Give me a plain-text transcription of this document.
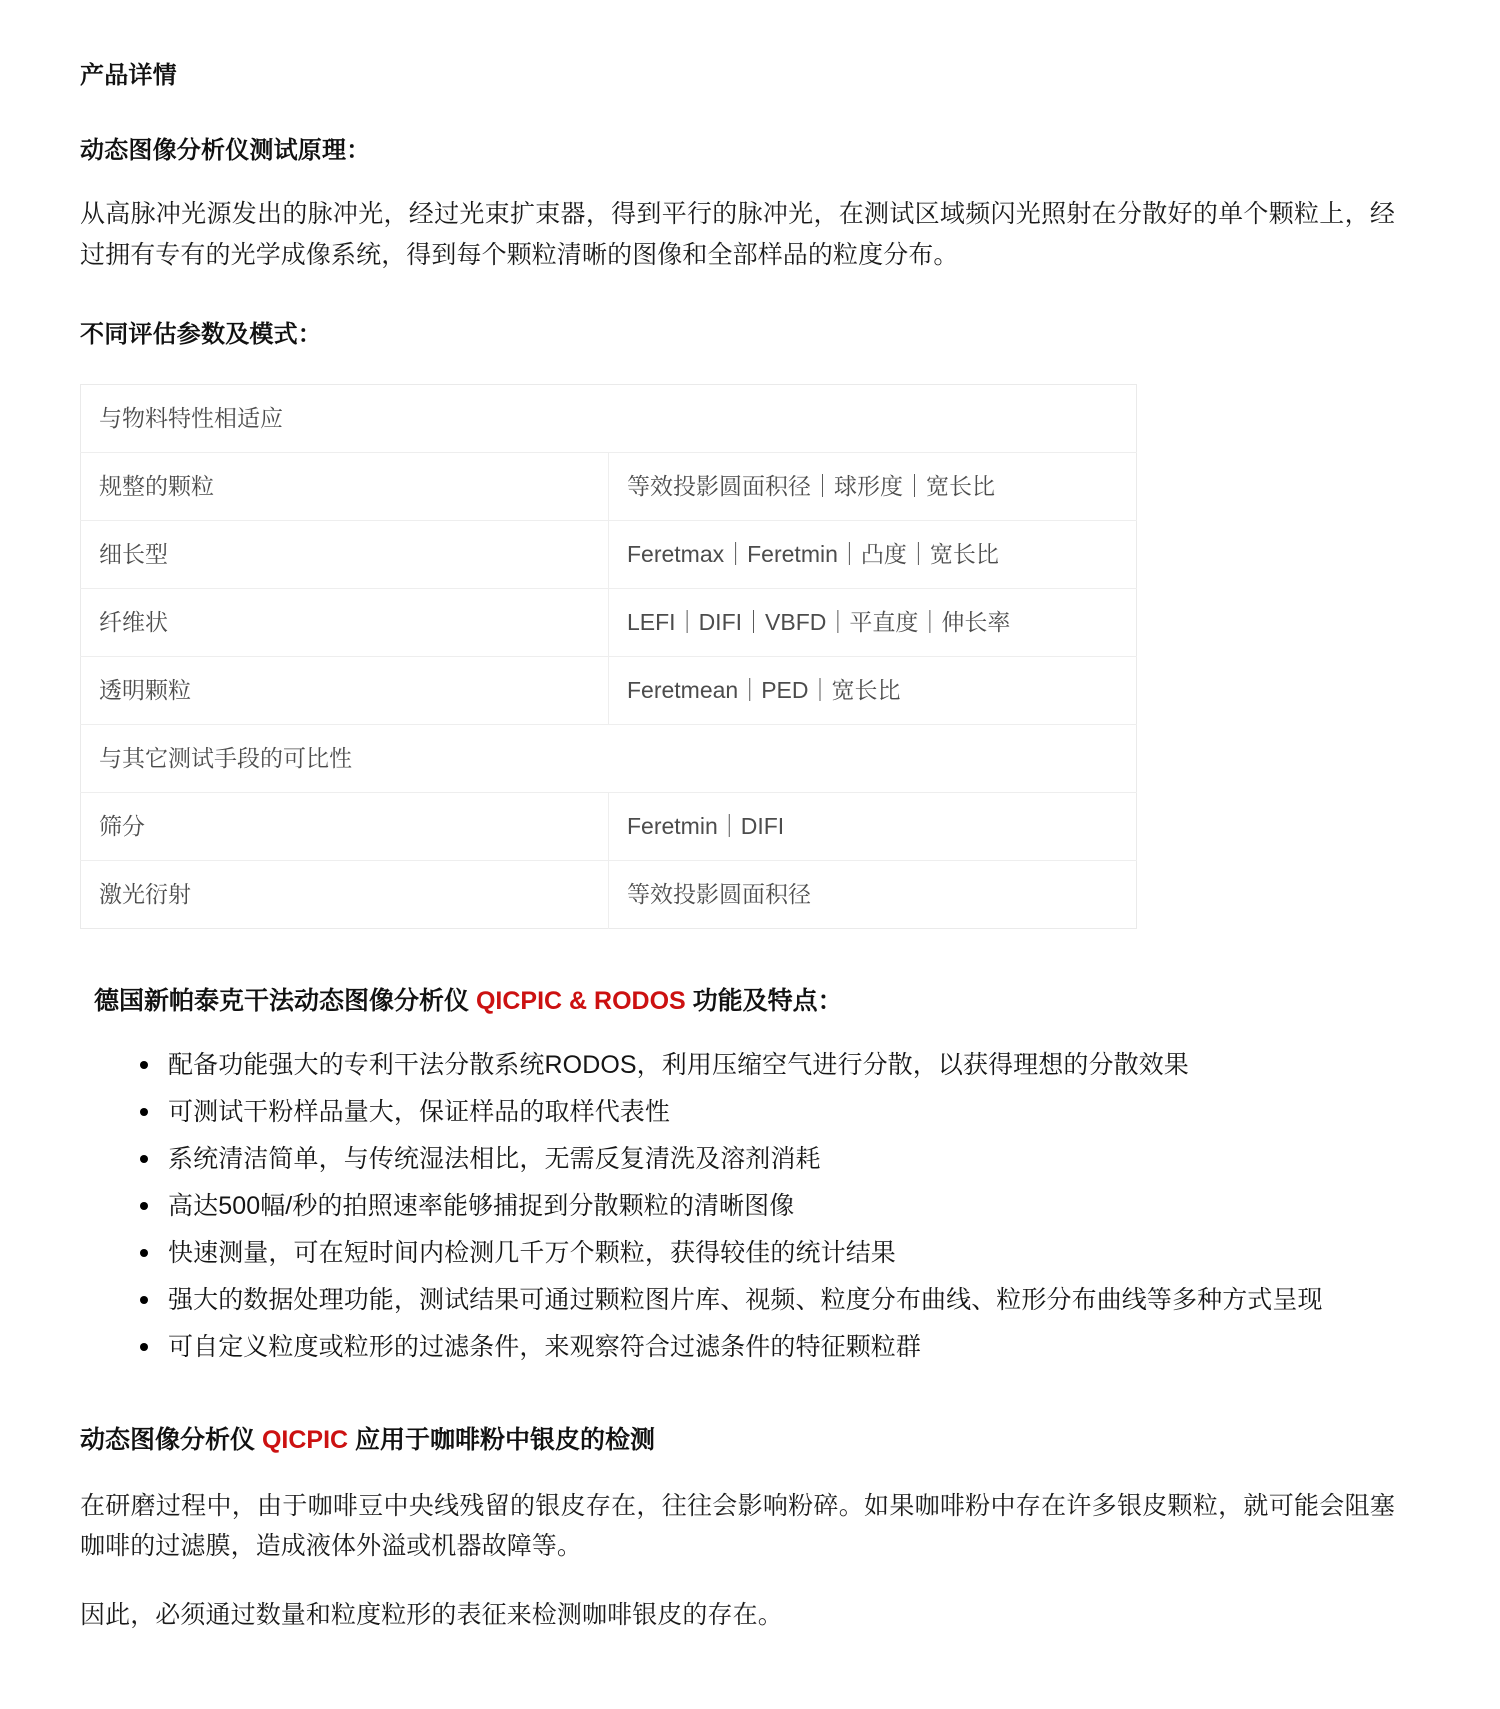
产品详情
动态图像分析仪测试原理：

从高脉冲光源发出的脉冲光，经过光束扩束器，得到平行的脉冲光，在测试区域频闪光照射在分散好的单个颗粒上，经过拥有专有的光学成像系统，得到每个颗粒清晰的图像和全部样品的粒度分布。

不同评估参数及模式：
与物料特性相适应	
规整的颗粒	等效投影圆面积径｜球形度｜宽长比
细长型	Feretmax｜Feretmin｜凸度｜宽长比
纤维状	LEFI｜DIFI｜VBFD｜平直度｜伸长率
透明颗粒	Feretmean｜PED｜宽长比
与其它测试手段的可比性	
筛分	Feretmin｜DIFI
激光衍射	等效投影圆面积径
德国新帕泰克干法动态图像分析仪 QICPIC & RODOS 功能及特点：
配备功能强大的专利干法分散系统RODOS，利用压缩空气进行分散，以获得理想的分散效果
可测试干粉样品量大，保证样品的取样代表性
系统清洁简单，与传统湿法相比，无需反复清洗及溶剂消耗
高达500幅/秒的拍照速率能够捕捉到分散颗粒的清晰图像
快速测量，可在短时间内检测几千万个颗粒，获得较佳的统计结果
强大的数据处理功能，测试结果可通过颗粒图片库、视频、粒度分布曲线、粒形分布曲线等多种方式呈现
可自定义粒度或粒形的过滤条件，来观察符合过滤条件的特征颗粒群
动态图像分析仪 QICPIC 应用于咖啡粉中银皮的检测

在研磨过程中，由于咖啡豆中央线残留的银皮存在，往往会影响粉碎。如果咖啡粉中存在许多银皮颗粒，就可能会阻塞咖啡的过滤膜，造成液体外溢或机器故障等。

因此，必须通过数量和粒度粒形的表征来检测咖啡银皮的存在。
